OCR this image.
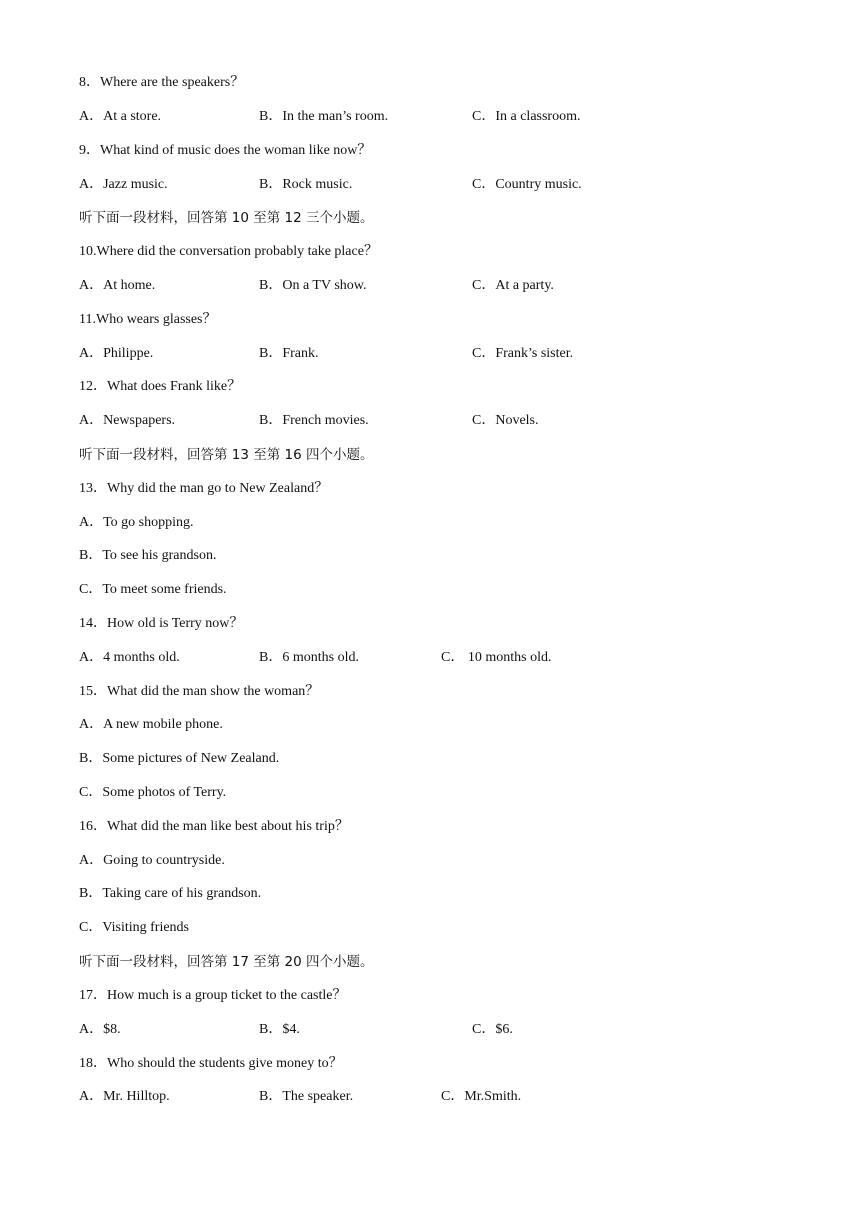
8．Where are the speakers？
A．At a store.	B．In the man’s room.	C．In a classroom.
9．What kind of music does the woman like now？
A．Jazz music.	B．Rock music.	C．Country music.
听下面一段材料，回答第 10 至第 12 三个小题。
10.Where did the conversation probably take place？
A．At home.	B．On a TV show.	C．At a party.
11.Who wears glasses？
A．Philippe.	B．Frank.	C．Frank’s sister.
12．What does Frank like？
A．Newspapers.	B．French movies.	C．Novels.
听下面一段材料，回答第 13 至第 16 四个小题。
13．Why did the man go to New Zealand？
A．To go shopping.
B．To see his grandson.
C．To meet some friends.
14．How old is Terry now？
A．4 months old.	B．6 months old.	C． 10 months old.
15．What did the man show the woman？
A．A new mobile phone.
B．Some pictures of New Zealand.
C．Some photos of Terry.
16．What did the man like best about his trip？
A．Going to countryside.
B．Taking care of his grandson.
C．Visiting friends
听下面一段材料，回答第 17 至第 20 四个小题。
17．How much is a group ticket to the castle？
A．$8.	B．$4.	C．$6.
18．Who should the students give money to？
A．Mr. Hilltop.	B．The speaker.	C．Mr.Smith.
